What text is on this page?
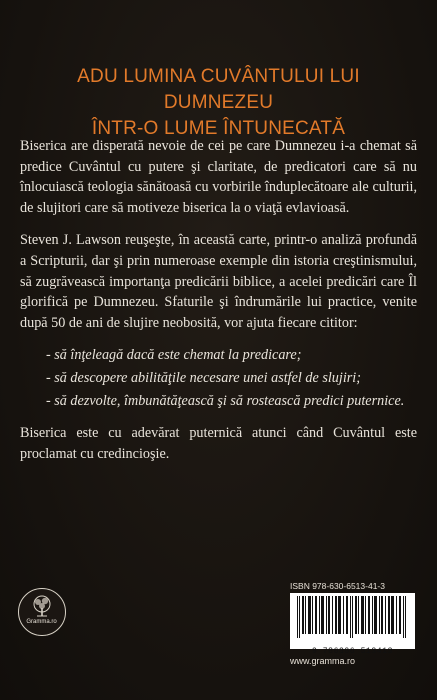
ADU LUMINA CUVÂNTULUI LUI DUMNEZEU
ÎNTR-O LUME ÎNTUNECATĂ

Biserica are disperată nevoie de cei pe care Dumnezeu i-a chemat să predice Cuvântul cu putere şi claritate, de predicatori care să nu înlocuiască teologia sănătoasă cu vorbirile înduplecătoare ale culturii, de slujitori care să motiveze biserica la o viaţă evlavioasă.

Steven J. Lawson reuşeşte, în această carte, printr-o analiză profundă a Scripturii, dar şi prin numeroase exemple din istoria creştinismului, să zugrăvească importanţa predicării biblice, a acelei predicări care Îl glorifică pe Dumnezeu. Sfaturile şi îndrumările lui practice, venite după 50 de ani de slujire neobosită, vor ajuta fiecare cititor:

- să înţeleagă dacă este chemat la predicare;
- să descopere abilităţile necesare unei astfel de slujiri;
- să dezvolte, îmbunătăţească şi să rostească predici puternice.

Biserica este cu adevărat puternică atunci când Cuvântul este proclamat cu credincioşie.

Gramma.ro
ISBN 978-630-6513-41-3
9 786306 513413
www.gramma.ro
